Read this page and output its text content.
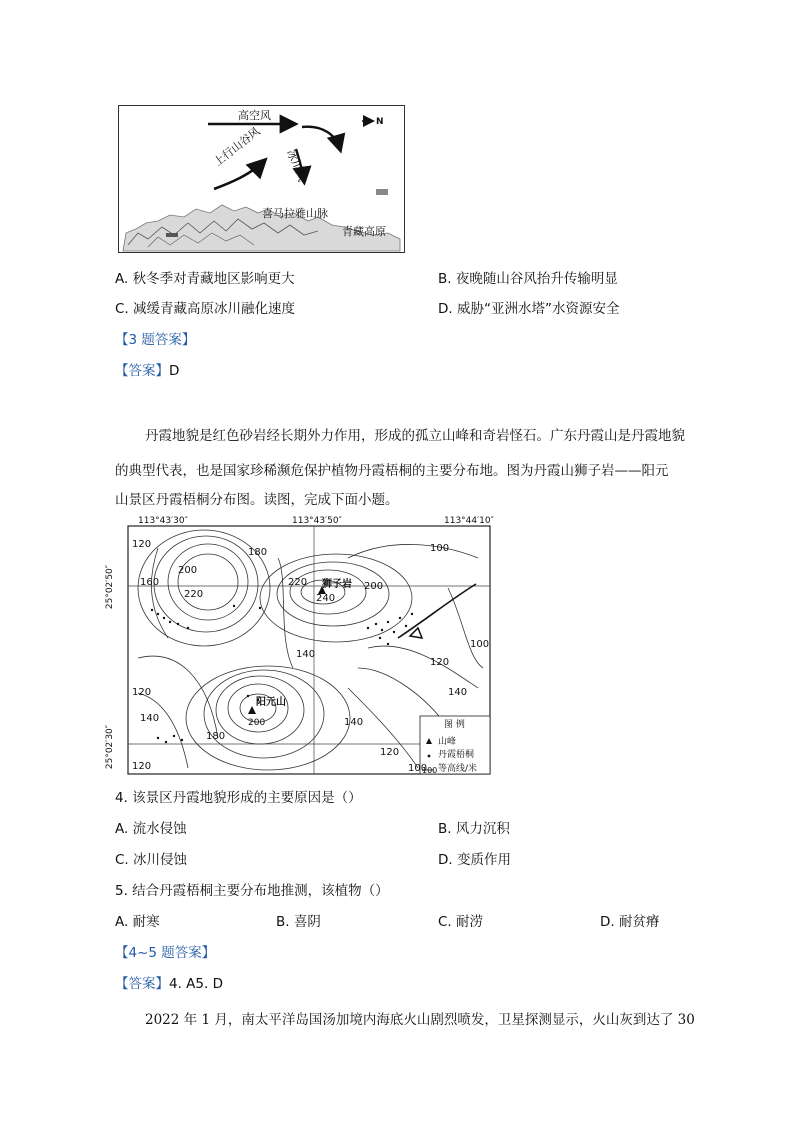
高空风	N
上行山谷风 冰川风
喜马拉雅山脉
青藏高原
A. 秋冬季对青藏地区影响更大	B. 夜晚随山谷风抬升传输明显
C. 减缓青藏高原冰川融化速度	D. 威胁“亚洲水塔”水资源安全
【3 题答案】
【答案】D
丹霞地貌是红色砂岩经长期外力作用，形成的孤立山峰和奇岩怪石。广东丹霞山是丹霞地貌
的典型代表，也是国家珍稀濒危保护植物丹霞梧桐的主要分布地。图为丹霞山狮子岩——阳元
山景区丹霞梧桐分布图。读图，完成下面小题。
113°43′30″	113°43′50″	113°44′10″
25°02′50″
25°02′30″
120
180
160
200
220
100
220
240
200
100
140
120
140
120
140	200
180
140
120
120	100
狮子岩
阳元山
图 例
山峰
丹霞梧桐
等高线/米
100
4. 该景区丹霞地貌形成的主要原因是（）
A. 流水侵蚀	B. 风力沉积
C. 冰川侵蚀	D. 变质作用
5. 结合丹霞梧桐主要分布地推测，该植物（）
A. 耐寒	B. 喜阴	C. 耐涝	D. 耐贫瘠
【4~5 题答案】
【答案】4. A5. D
2022 年 1 月，南太平洋岛国汤加境内海底火山剧烈喷发，卫星探测显示，火山灰到达了 30
